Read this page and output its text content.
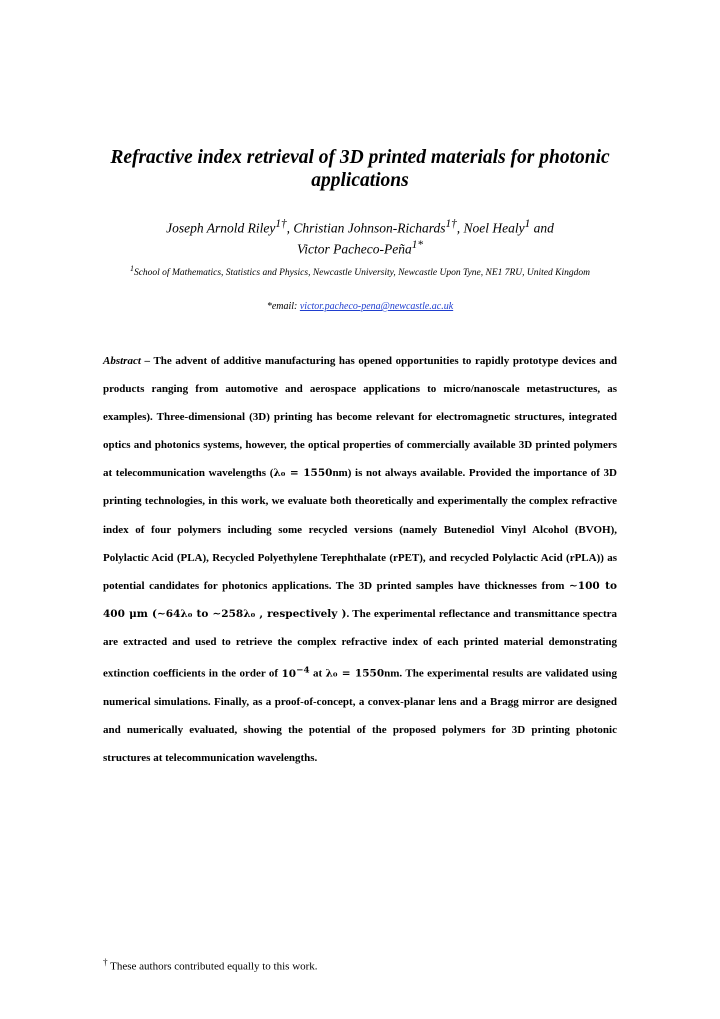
Refractive index retrieval of 3D printed materials for photonic applications
Joseph Arnold Riley$^{1\dagger}$, Christian Johnson-Richards$^{1\dagger}$, Noel Healy$^1$ and
Victor Pacheco-Peña$^{1*}$
$^1$School of Mathematics, Statistics and Physics, Newcastle University, Newcastle Upon Tyne, NE1 7RU, United Kingdom
*email: victor.pacheco-pena@newcastle.ac.uk
Abstract – The advent of additive manufacturing has opened opportunities to rapidly prototype devices and products ranging from automotive and aerospace applications to micro/nanoscale metastructures, as examples). Three-dimensional (3D) printing has become relevant for electromagnetic structures, integrated optics and photonics systems, however, the optical properties of commercially available 3D printed polymers at telecommunication wavelengths (λ₀ = 1550nm) is not always available. Provided the importance of 3D printing technologies, in this work, we evaluate both theoretically and experimentally the complex refractive index of four polymers including some recycled versions (namely Butenediol Vinyl Alcohol (BVOH), Polylactic Acid (PLA), Recycled Polyethylene Terephthalate (rPET), and recycled Polylactic Acid (rPLA)) as potential candidates for photonics applications. The 3D printed samples have thicknesses from ∼100 to 400 μm (∼64λ₀ to ∼258λ₀ , respectively ). The experimental reflectance and transmittance spectra are extracted and used to retrieve the complex refractive index of each printed material demonstrating extinction coefficients in the order of $10^{-4}$ at λ₀ = 1550nm. The experimental results are validated using numerical simulations. Finally, as a proof-of-concept, a convex-planar lens and a Bragg mirror are designed and numerically evaluated, showing the potential of the proposed polymers for 3D printing photonic structures at telecommunication wavelengths.
† These authors contributed equally to this work.
